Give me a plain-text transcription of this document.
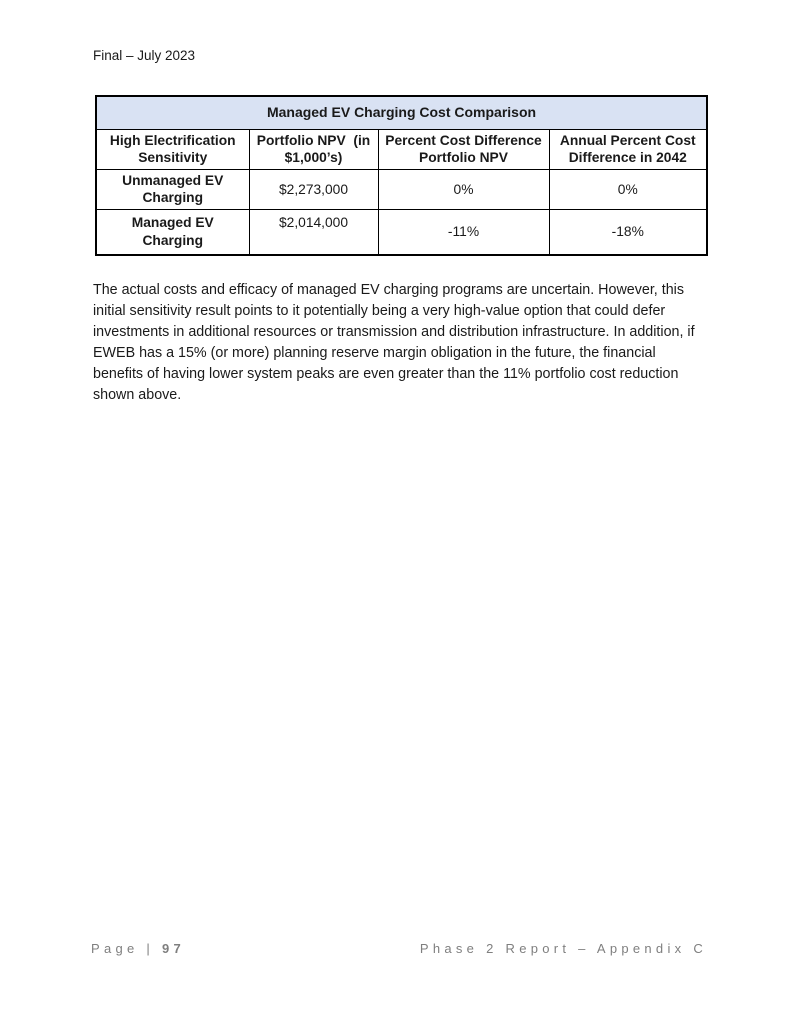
Final – July 2023
Managed EV Charging Cost Comparison			
High Electrification Sensitivity	Portfolio NPV  (in $1,000’s)	Percent Cost Difference Portfolio NPV	Annual Percent Cost Difference in 2042
Unmanaged EV Charging	$2,273,000	0%	0%
Managed EV Charging	$2,014,000	-11%	-18%

The actual costs and efficacy of managed EV charging programs are uncertain. However, this initial sensitivity result points to it potentially being a very high-value option that could defer investments in additional resources or transmission and distribution infrastructure. In addition, if EWEB has a 15% (or more) planning reserve margin obligation in the future, the financial benefits of having lower system peaks are even greater than the 11% portfolio cost reduction shown above.

Page | 97	Phase 2 Report – Appendix C
